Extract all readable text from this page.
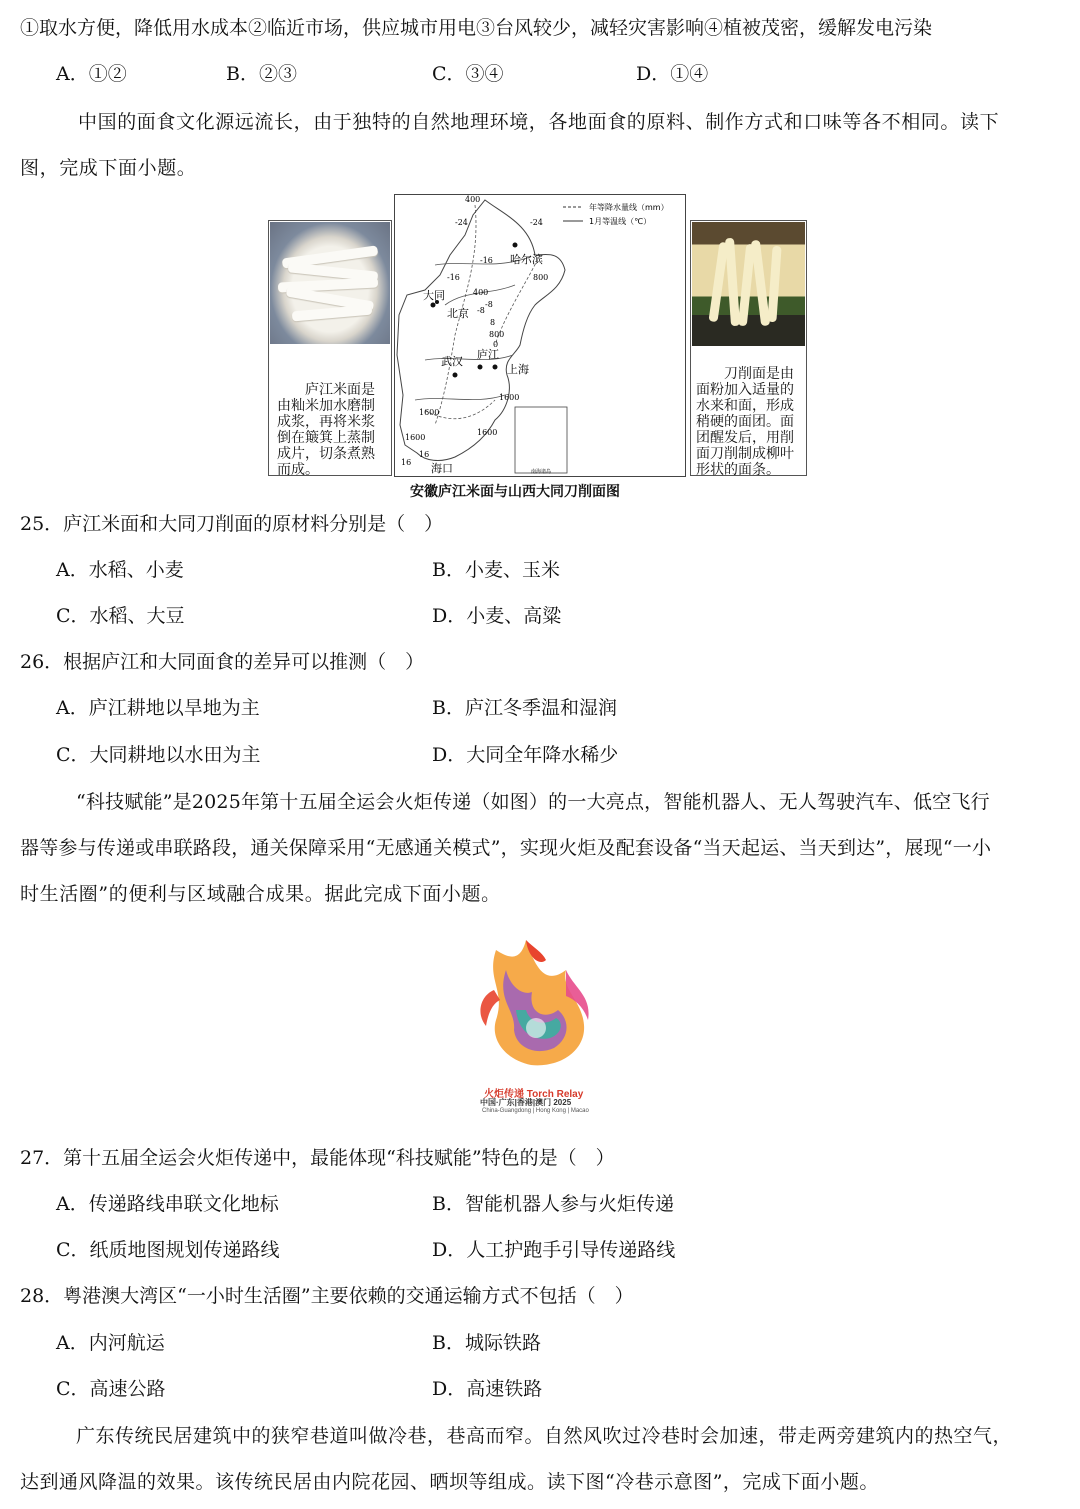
①取水方便，降低用水成本②临近市场，供应城市用电③台风较少，减轻灾害影响④植被茂密，缓解发电污染
A．①②	B．②③	C．③④	D．①④
中国的面食文化源远流长，由于独特的自然地理环境，各地面食的原料、制作方式和口味等各不相同。读下
图，完成下面小题。
庐江米面是由籼米加水磨制成浆，再将米浆倒在簸箕上蒸制成片，切条煮熟而成。
年等降水量线（mm）
1月等温线（℃）
哈尔滨
大同
北京
武汉
庐江
上海
海口	南海诸岛
400
-24	-24
-16	800
-16
400
-8
-8
800
0
8
1600
1600
1600
1600
16
16
刀削面是由面粉加入适量的水来和面，形成稍硬的面团。面团醒发后，用削面刀削制成柳叶形状的面条。
安徽庐江米面与山西大同刀削面图
25．庐江米面和大同刀削面的原材料分别是（　）
A．水稻、小麦	B．小麦、玉米
C．水稻、大豆	D．小麦、高粱
26．根据庐江和大同面食的差异可以推测（　）
A．庐江耕地以旱地为主	B．庐江冬季温和湿润
C．大同耕地以水田为主	D．大同全年降水稀少
“科技赋能”是2025年第十五届全运会火炬传递（如图）的一大亮点，智能机器人、无人驾驶汽车、低空飞行
器等参与传递或串联路段，通关保障采用“无感通关模式”，实现火炬及配套设备“当天起运、当天到达”，展现“一小
时生活圈”的便利与区域融合成果。据此完成下面小题。
火炬传递 Torch Relay
中国·广东|香港|澳门 2025
China-Guangdong | Hong Kong | Macao
27．第十五届全运会火炬传递中，最能体现“科技赋能”特色的是（　）
A．传递路线串联文化地标	B．智能机器人参与火炬传递
C．纸质地图规划传递路线	D．人工护跑手引导传递路线
28．粤港澳大湾区“一小时生活圈”主要依赖的交通运输方式不包括（　）
A．内河航运	B．城际铁路
C．高速公路	D．高速铁路
广东传统民居建筑中的狭窄巷道叫做冷巷，巷高而窄。自然风吹过冷巷时会加速，带走两旁建筑内的热空气，
达到通风降温的效果。该传统民居由内院花园、晒坝等组成。读下图“冷巷示意图”，完成下面小题。
